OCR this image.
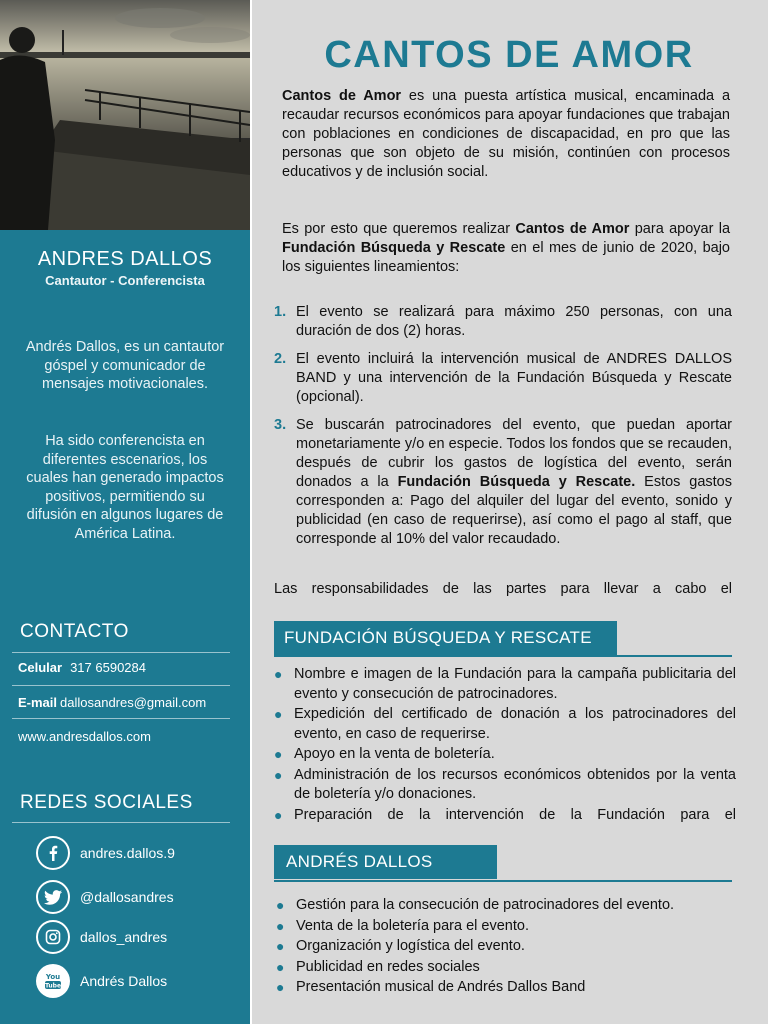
ANDRES DALLOS
Cantautor - Conferencista
Andrés Dallos, es un cantautor góspel y comunicador de mensajes motivacionales.
Ha sido conferencista en diferentes escenarios, los cuales han generado impactos positivos, permitiendo su difusión en algunos lugares de América Latina.
CONTACTO
Celular 317 6590284
E-mail dallosandres@gmail.com
www.andresdallos.com
REDES SOCIALES
andres.dallos.9
@dallosandres
dallos_andres
You
Tube Andrés Dallos
CANTOS DE AMOR

Cantos de Amor es una puesta artística musical, encaminada a recaudar recursos económicos para apoyar fundaciones que trabajan con poblaciones en condiciones de discapacidad, en pro que las personas que son objeto de su misión, continúen con procesos educativos y de inclusión social.

Es por esto que queremos realizar Cantos de Amor para apoyar la Fundación Búsqueda y Rescate en el mes de junio de 2020, bajo los siguientes lineamientos:

1. El evento se realizará para máximo 250 personas, con una duración de dos (2) horas.
2. El evento incluirá la intervención musical de ANDRES DALLOS BAND y una intervención de la Fundación Búsqueda y Rescate (opcional).
3. Se buscarán patrocinadores del evento, que puedan aportar monetariamente y/o en especie. Todos los fondos que se recauden, después de cubrir los gastos de logística del evento, serán donados a la Fundación Búsqueda y Rescate. Estos gastos corresponden a: Pago del alquiler del lugar del evento, sonido y publicidad (en caso de requerirse), así como el pago al staff, que corresponde al 10% del valor recaudado.
Las responsabilidades de las partes para llevar a cabo el
FUNDACIÓN BÚSQUEDA Y RESCATE
● Nombre e imagen de la Fundación para la campaña publicitaria del evento y consecución de patrocinadores.
● Expedición del certificado de donación a los patrocinadores del evento, en caso de requerirse.
● Apoyo en la venta de boletería.
● Administración de los recursos económicos obtenidos por la venta de boletería y/o donaciones.
● Preparación de la intervención de la Fundación para el
ANDRÉS DALLOS
● Gestión para la consecución de patrocinadores del evento.
● Venta de la boletería para el evento.
● Organización y logística del evento.
● Publicidad en redes sociales
● Presentación musical de Andrés Dallos Band
